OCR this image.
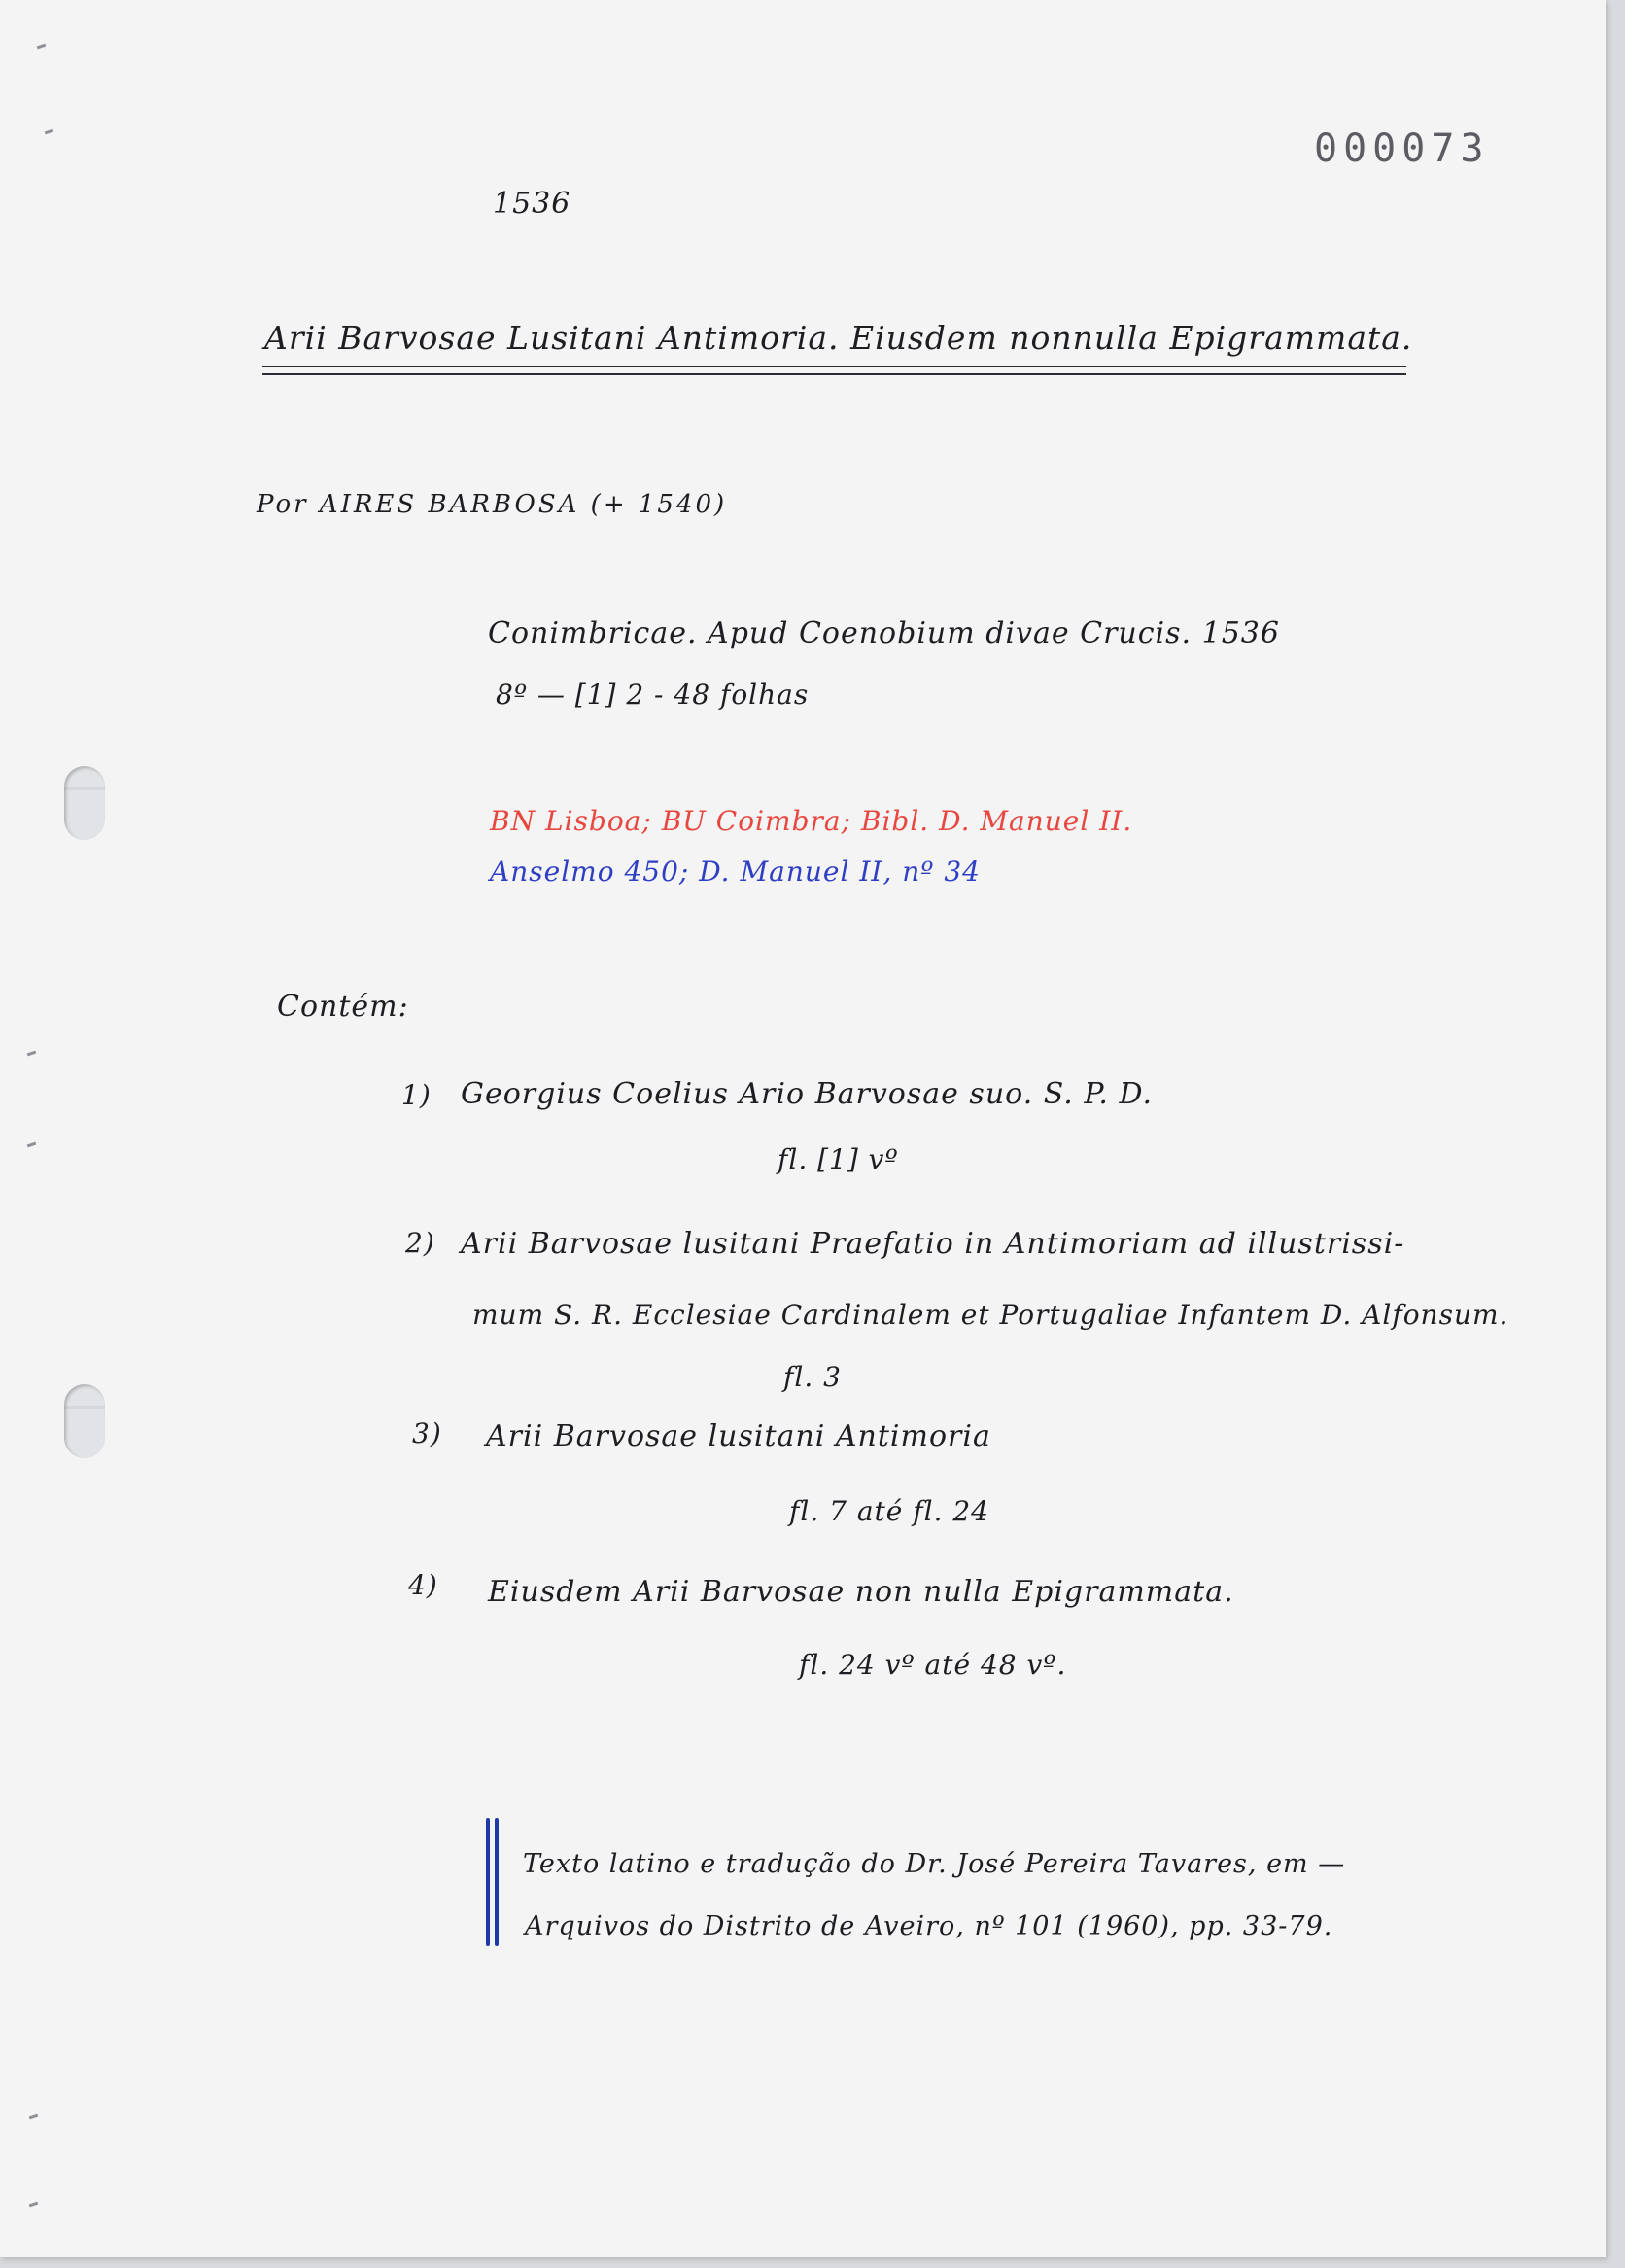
000073
1536
Arii Barvosae Lusitani Antimoria. Eiusdem nonnulla Epigrammata.
Por AIRES BARBOSA (+ 1540)
Conimbricae. Apud Coenobium divae Crucis. 1536
8º — [1] 2 - 48 folhas
BN Lisboa; BU Coimbra; Bibl. D. Manuel II.
Anselmo 450; D. Manuel II, nº 34
Contém:
1) Georgius Coelius Ario Barvosae suo. S. P. D.
fl. [1] vº
2) Arii Barvosae lusitani Praefatio in Antimoriam ad illustrissi-
mum S. R. Ecclesiae Cardinalem et Portugaliae Infantem D. Alfonsum.
fl. 3
3) Arii Barvosae lusitani Antimoria
fl. 7 até fl. 24
4) Eiusdem Arii Barvosae non nulla Epigrammata.
fl. 24 vº até 48 vº.
Texto latino e tradução do Dr. José Pereira Tavares, em —
Arquivos do Distrito de Aveiro, nº 101 (1960), pp. 33-79.
